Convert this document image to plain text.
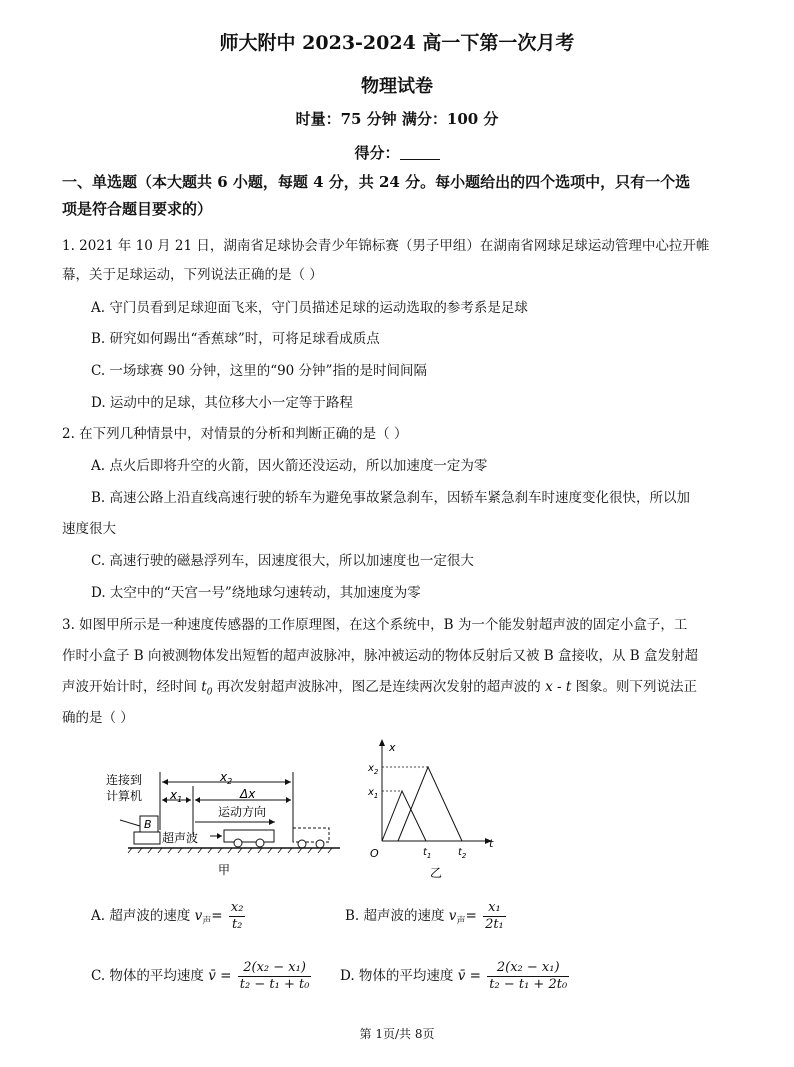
师大附中 2023-2024 高一下第一次月考
物理试卷
时量：75 分钟 满分：100 分
得分：
一、单选题（本大题共 6 小题，每题 4 分，共 24 分。每小题给出的四个选项中，只有一个选
项是符合题目要求的）
1. 2021 年 10 月 21 日，湖南省足球协会青少年锦标赛（男子甲组）在湖南省网球足球运动管理中心拉开帷
幕，关于足球运动，下列说法正确的是（ ）
A. 守门员看到足球迎面飞来，守门员描述足球的运动选取的参考系是足球
B. 研究如何踢出“香蕉球”时，可将足球看成质点
C. 一场球赛 90 分钟，这里的“90 分钟”指的是时间间隔
D. 运动中的足球，其位移大小一定等于路程
2. 在下列几种情景中，对情景的分析和判断正确的是（ ）
A. 点火后即将升空的火箭，因火箭还没运动，所以加速度一定为零
B. 高速公路上沿直线高速行驶的轿车为避免事故紧急刹车，因轿车紧急刹车时速度变化很快，所以加
速度很大
C. 高速行驶的磁悬浮列车，因速度很大，所以加速度也一定很大
D. 太空中的“天宫一号”绕地球匀速转动，其加速度为零
3. 如图甲所示是一种速度传感器的工作原理图，在这个系统中，B 为一个能发射超声波的固定小盒子，工
作时小盒子 B 向被测物体发出短暂的超声波脉冲，脉冲被运动的物体反射后又被 B 盒接收，从 B 盒发射超
声波开始计时，经时间 $t_0$ 再次发射超声波脉冲，图乙是连续两次发射的超声波的 x - t 图象。则下列说法正
确的是（ ）
连接到
计算机
$x_2$
$x_1$	Δx
运动方向
B
超声波
甲
x
t
O
$x_2$
$x_1$
$t_1$	$t_2$
乙
A. 超声波的速度 $v_声= \frac{\text{x₂}}{\text{t₂}}$	B. 超声波的速度 $v_声= \frac{\text{x₁}}{\text{2t₁}}$
C. 物体的平均速度 v̄ = $\frac{\text{2(x₂ − x₁)}}{\text{t₂ − t₁ + t₀}} D$. 物体的平均速度 v̄ = $\frac{\text{2(x₂ − x₁)}}{\text{t₂ − t₁ + 2t₀}}$
第 1页/共 8页
